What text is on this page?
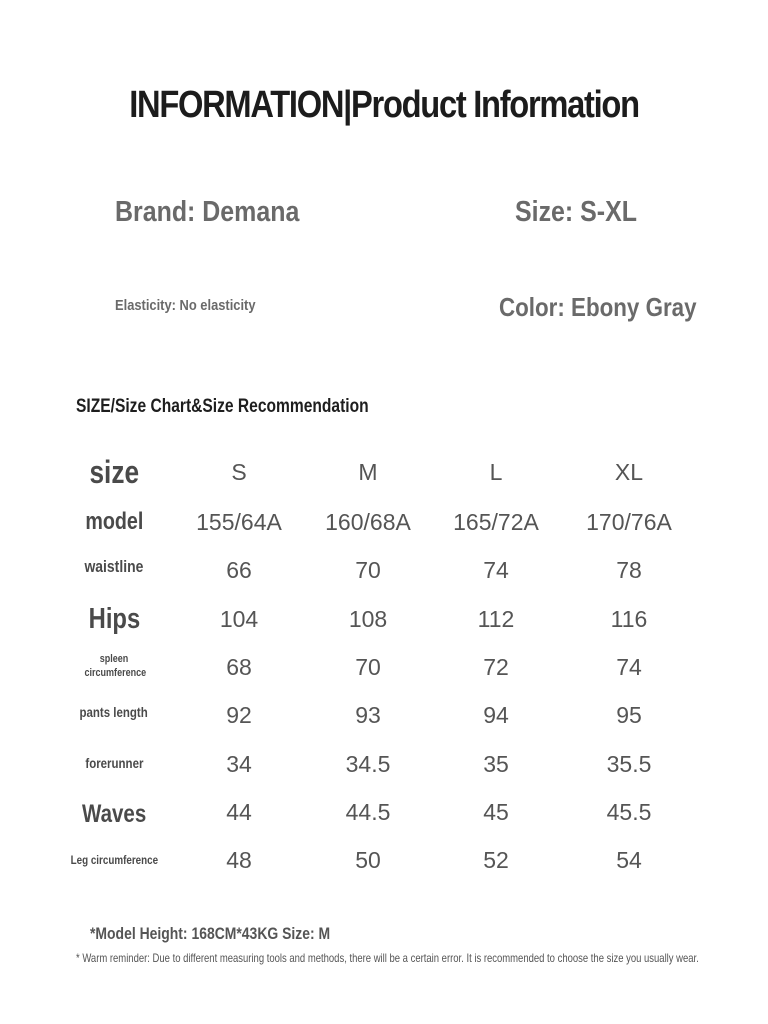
INFORMATION|Product Information
Brand: Demana	Size: S-XL
Elasticity: No elasticity	Color: Ebony Gray
SIZE/Size Chart&Size Recommendation
size	S	M	L	XL
model	155/64A	160/68A	165/72A	170/76A
waistline	66	70	74	78
Hips	104	108	112	116
spleen circumference	68	70	72	74
pants length	92	93	94	95
forerunner	34	34.5	35	35.5
Waves	44	44.5	45	45.5
Leg circumference	48	50	52	54
*Model Height: 168CM*43KG Size: M
* Warm reminder: Due to different measuring tools and methods, there will be a certain error. It is recommended to choose the size you usually wear.
